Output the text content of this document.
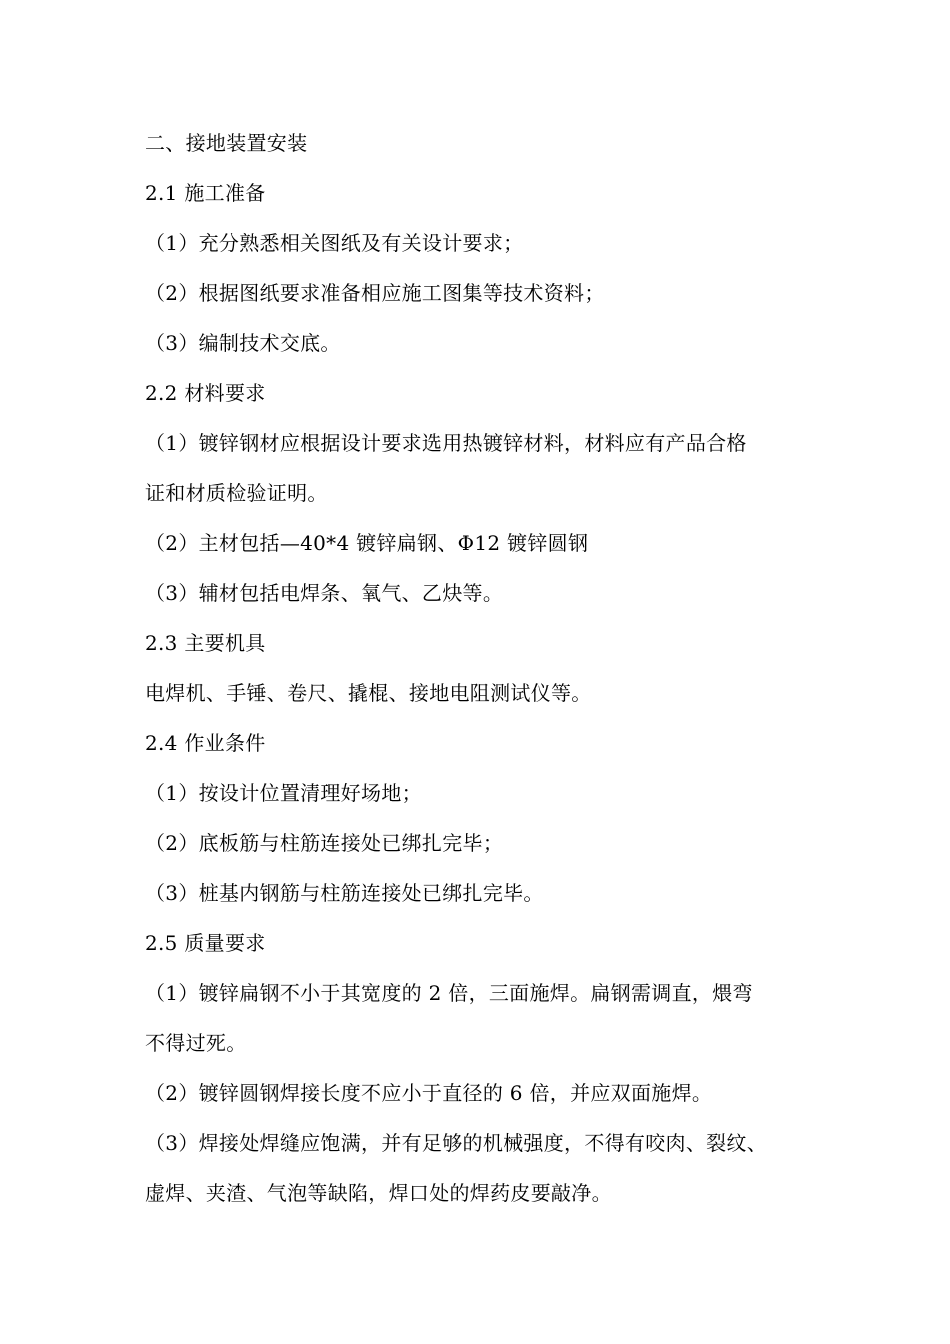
二、接地装置安装
2.1 施工准备
（1）充分熟悉相关图纸及有关设计要求；
（2）根据图纸要求准备相应施工图集等技术资料；
（3）编制技术交底。
2.2 材料要求
（1）镀锌钢材应根据设计要求选用热镀锌材料，材料应有产品合格
证和材质检验证明。
（2）主材包括—40*4 镀锌扁钢、Φ12 镀锌圆钢
（3）辅材包括电焊条、氧气、乙炔等。
2.3 主要机具
电焊机、手锤、卷尺、撬棍、接地电阻测试仪等。
2.4 作业条件
（1）按设计位置清理好场地；
（2）底板筋与柱筋连接处已绑扎完毕；
（3）桩基内钢筋与柱筋连接处已绑扎完毕。
2.5 质量要求
（1）镀锌扁钢不小于其宽度的 2 倍，三面施焊。扁钢需调直，煨弯
不得过死。
（2）镀锌圆钢焊接长度不应小于直径的 6 倍，并应双面施焊。
（3）焊接处焊缝应饱满，并有足够的机械强度，不得有咬肉、裂纹、
虚焊、夹渣、气泡等缺陷，焊口处的焊药皮要敲净。
